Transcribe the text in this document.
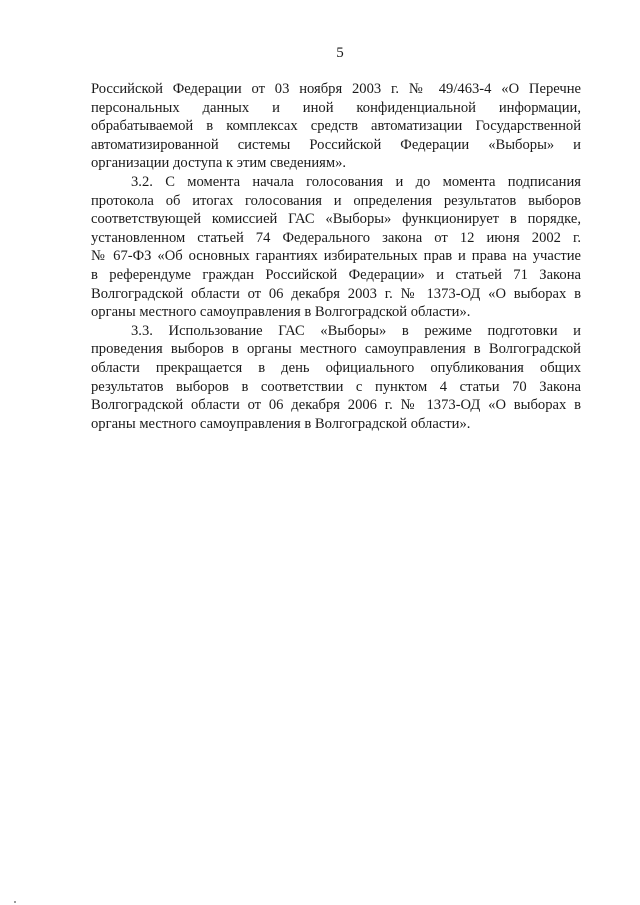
5

Российской Федерации от 03 ноября 2003 г. № 49/463-4 «О Перечне
персональных данных и иной конфиденциальной информации,
обрабатываемой в комплексах средств автоматизации Государственной
автоматизированной системы Российской Федерации «Выборы» и
организации доступа к этим сведениям».

3.2. С момента начала голосования и до момента подписания
протокола об итогах голосования и определения результатов выборов
соответствующей комиссией ГАС «Выборы» функционирует в порядке,
установленном статьей 74 Федерального закона от 12 июня 2002 г.
№ 67-ФЗ «Об основных гарантиях избирательных прав и права на участие
в референдуме граждан Российской Федерации» и статьей 71 Закона
Волгоградской области от 06 декабря 2003 г. № 1373-ОД «О выборах в
органы местного самоуправления в Волгоградской области».

3.3. Использование ГАС «Выборы» в режиме подготовки и
проведения выборов в органы местного самоуправления в Волгоградской
области прекращается в день официального опубликования общих
результатов выборов в соответствии с пунктом 4 статьи 70 Закона
Волгоградской области от 06 декабря 2006 г. № 1373-ОД «О выборах в
органы местного самоуправления в Волгоградской области».
